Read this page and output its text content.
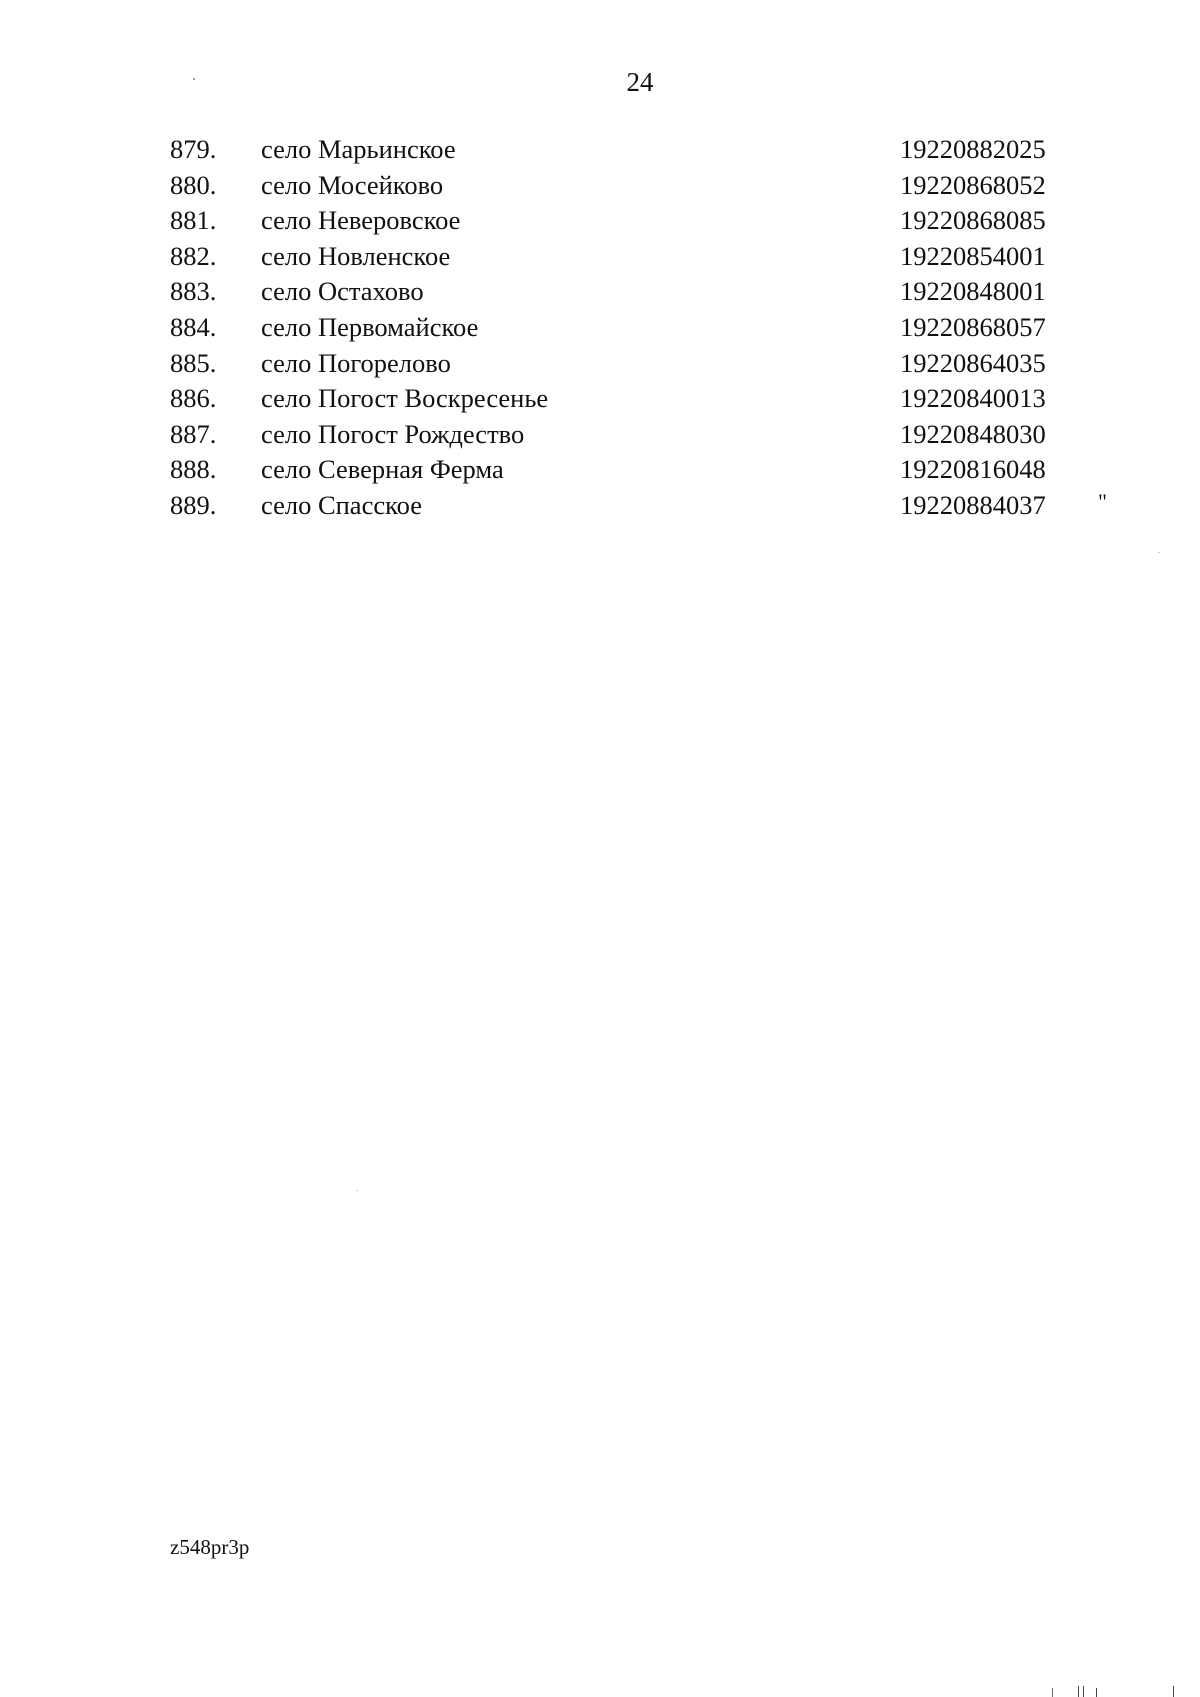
24
879. село Марьинское	19220882025
880. село Мосейково	19220868052
881. село Неверовское	19220868085
882. село Новленское	19220854001
883. село Остахово	19220848001
884. село Первомайское	19220868057
885. село Погорелово	19220864035
886. село Погост Воскресенье	19220840013
887. село Погост Рождество	19220848030
888. село Северная Ферма	19220816048
889. село Спасское	19220884037 "
z548pr3p
